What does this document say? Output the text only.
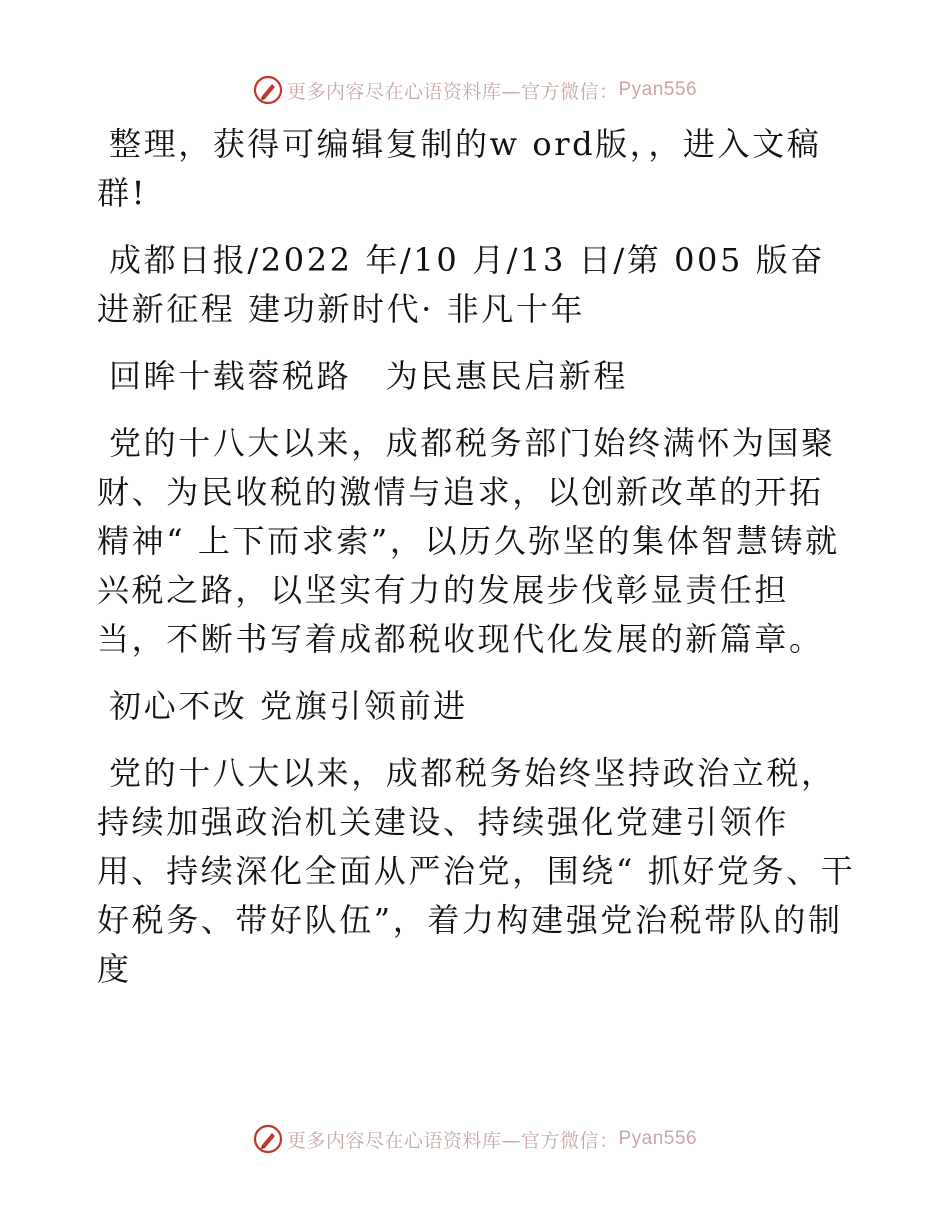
更多内容尽在心语资料库—官方微信： Pyan556

整理，获得可编辑复制的w ord版，，进入文稿群!

成都日报/2022 年/10 月/13 日/第 005 版奋进新征程 建功新时代· 非凡十年

回眸十载蓉税路　为民惠民启新程

党的十八大以来，成都税务部门始终满怀为国聚财、为民收税的激情与追求，以创新改革的开拓精神“ 上下而求索”，以历久弥坚的集体智慧铸就兴税之路，以坚实有力的发展步伐彰显责任担当，不断书写着成都税收现代化发展的新篇章。

初心不改 党旗引领前进

党的十八大以来，成都税务始终坚持政治立税，持续加强政治机关建设、持续强化党建引领作用、持续深化全面从严治党，围绕“ 抓好党务、干好税务、带好队伍”，着力构建强党治税带队的制度

更多内容尽在心语资料库—官方微信： Pyan556
